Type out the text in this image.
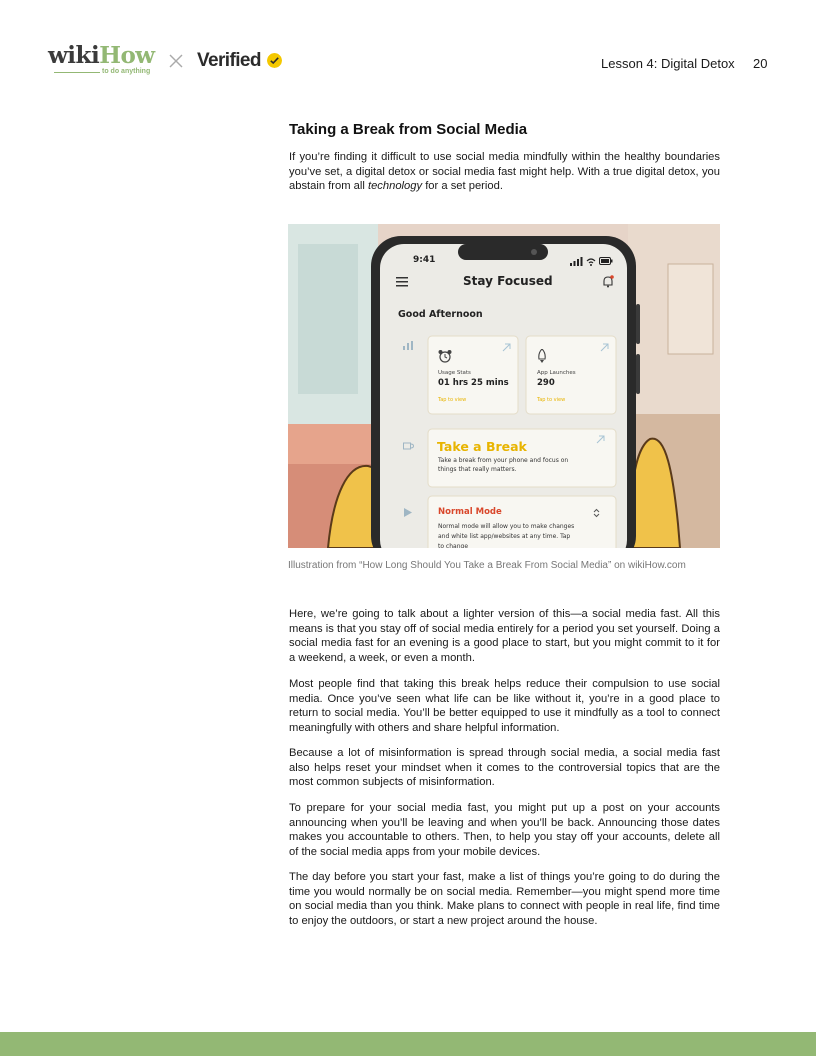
wikiHow
to do anything
Verified	Lesson 4: Digital Detox 20
Taking a Break from Social Media

If you’re finding it difficult to use social media mindfully within the healthy boundaries you’ve set, a digital detox or social media fast might help. With a true digital detox, you abstain from all technology for a set period.

9:41
Stay Focused
Good Afternoon
Usage Stats
01 hrs 25 mins
Tap to view
App Launches
290
Tap to view
Take a Break
Take a break from your phone and focus on
things that really matters.
Normal Mode
Normal mode will allow you to make changes
and white list app/websites at any time. Tap
to change
Illustration from “How Long Should You Take a Break From Social Media” on wikiHow.com

Here, we’re going to talk about a lighter version of this—a social media fast. All this means is that you stay off of social media entirely for a period you set yourself. Doing a social media fast for an evening is a good place to start, but you might commit to it for a weekend, a week, or even a month.

Most people find that taking this break helps reduce their compulsion to use social media. Once you’ve seen what life can be like without it, you’re in a good place to return to social media. You’ll be better equipped to use it mindfully as a tool to connect meaningfully with others and share helpful information.

Because a lot of misinformation is spread through social media, a social media fast also helps reset your mindset when it comes to the controversial topics that are the most common subjects of misinformation.

To prepare for your social media fast, you might put up a post on your accounts announcing when you’ll be leaving and when you’ll be back. Announcing those dates makes you accountable to others. Then, to help you stay off your accounts, delete all of the social media apps from your mobile devices.

The day before you start your fast, make a list of things you’re going to do during the time you would normally be on social media. Remember—you might spend more time on social media than you think. Make plans to connect with people in real life, find time to enjoy the outdoors, or start a new project around the house.
